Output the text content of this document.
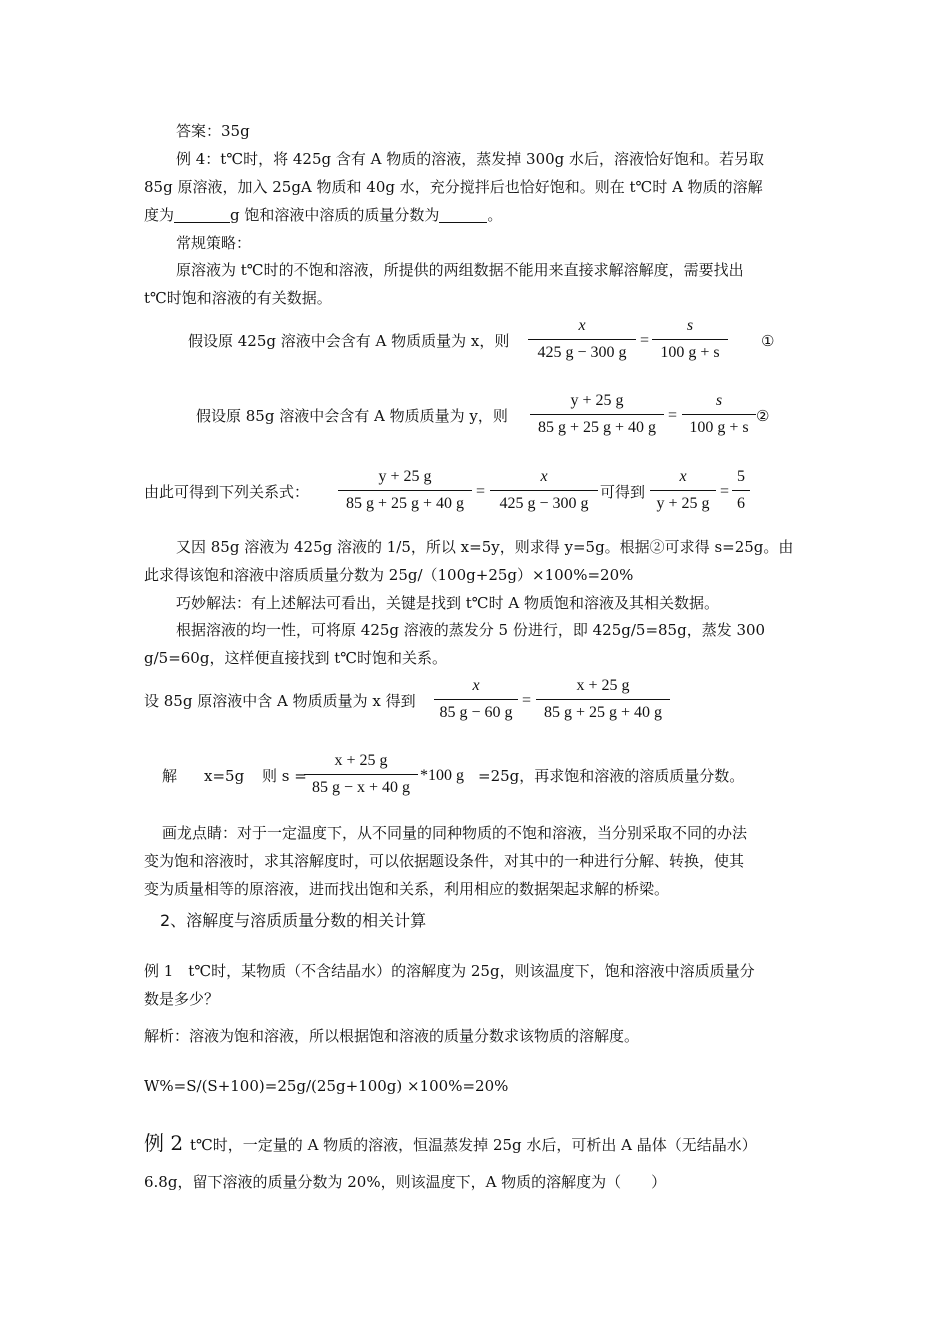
答案：35g
例 4：t℃时，将 425g 含有 A 物质的溶液，蒸发掉 300g 水后，溶液恰好饱和。若另取
85g 原溶液，加入 25gA 物质和 40g 水，充分搅拌后也恰好饱和。则在 t℃时 A 物质的溶解
度为	g 饱和溶液中溶质的质量分数为	。
常规策略：
原溶液为 t℃时的不饱和溶液，所提供的两组数据不能用来直接求解溶解度，需要找出
t℃时饱和溶液的有关数据。
假设原 425g 溶液中会含有 A 物质质量为 x，则
x
425 g − 300 g
=
s
100 g + s
①
假设原 85g 溶液中会含有 A 物质质量为 y，则
y + 25 g
85 g + 25 g + 40 g
=
s
100 g + s
②
由此可得到下列关系式：
y + 25 g
85 g + 25 g + 40 g
=
x
425 g − 300 g
可得到
x
y + 25 g
=
5
6
又因 85g 溶液为 425g 溶液的 1/5，所以 x=5y，则求得 y=5g。根据②可求得 s=25g。由
此求得该饱和溶液中溶质质量分数为 25g/（100g+25g）×100%=20%
巧妙解法：有上述解法可看出，关键是找到 t℃时 A 物质饱和溶液及其相关数据。
根据溶液的均一性，可将原 425g 溶液的蒸发分 5 份进行，即 425g/5=85g，蒸发 300
g/5=60g，这样便直接找到 t℃时饱和关系。
设 85g 原溶液中含 A 物质质量为 x 得到
x
85 g − 60 g
=
x + 25 g
85 g + 25 g + 40 g
解 x=5g 则 s =
x + 25 g
85 g − x + 40 g
*100 g =25g，再求饱和溶液的溶质质量分数。
画龙点睛：对于一定温度下，从不同量的同种物质的不饱和溶液，当分别采取不同的办法
变为饱和溶液时，求其溶解度时，可以依据题设条件，对其中的一种进行分解、转换，使其
变为质量相等的原溶液，进而找出饱和关系，利用相应的数据架起求解的桥梁。
2、溶解度与溶质质量分数的相关计算
例 1　t℃时，某物质（不含结晶水）的溶解度为 25g，则该温度下，饱和溶液中溶质质量分
数是多少？
解析：溶液为饱和溶液，所以根据饱和溶液的质量分数求该物质的溶解度。
W%=S/(S+100)=25g/(25g+100g) ×100%=20%
例 2 t℃时，一定量的 A 物质的溶液，恒温蒸发掉 25g 水后，可析出 A 晶体（无结晶水）
6.8g，留下溶液的质量分数为 20%，则该温度下，A 物质的溶解度为（　　）
